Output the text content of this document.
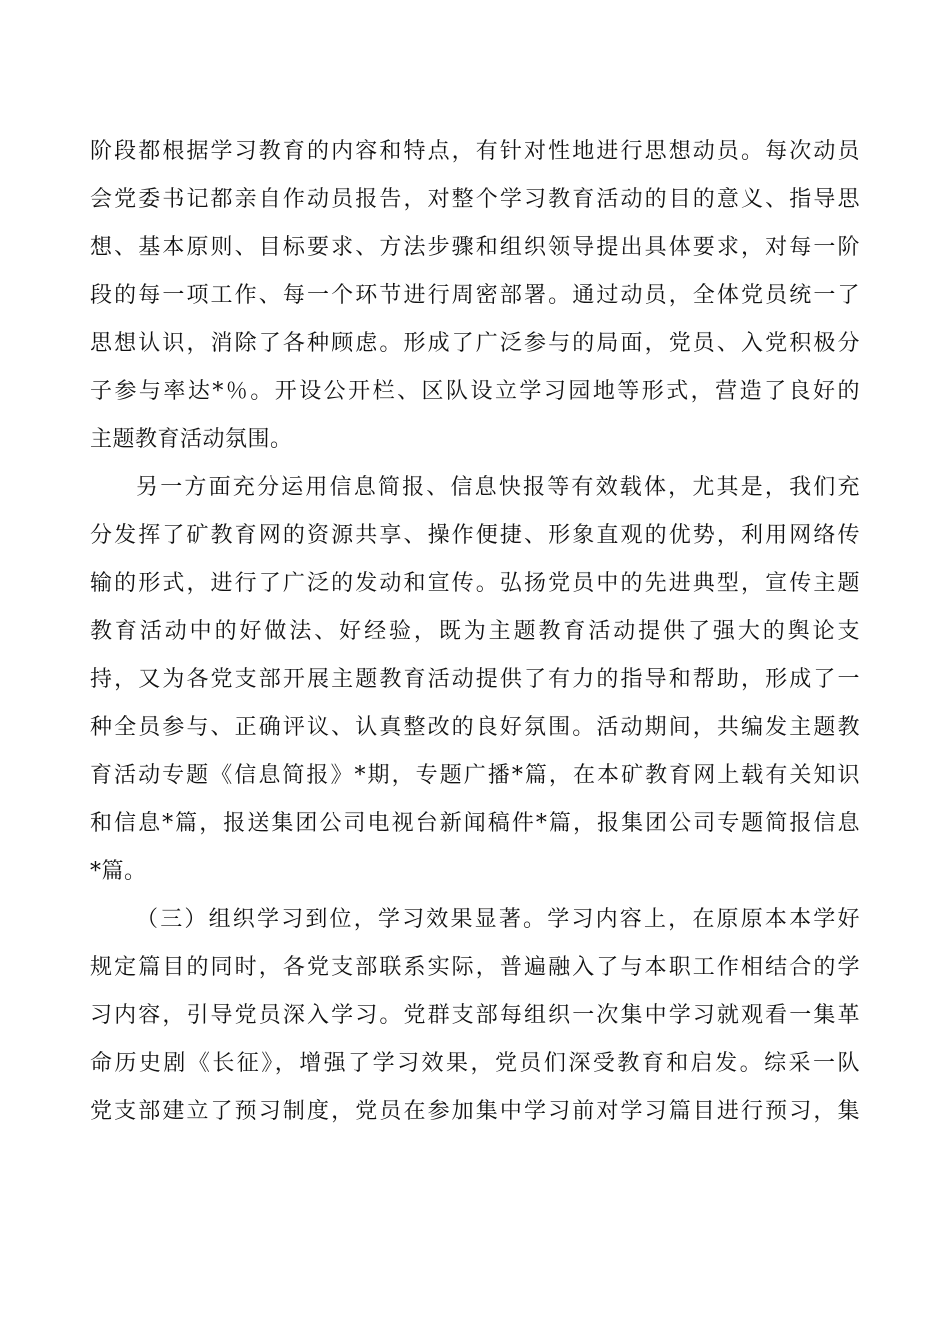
阶段都根据学习教育的内容和特点，有针对性地进行思想动员。每次动员
会党委书记都亲自作动员报告，对整个学习教育活动的目的意义、指导思
想、基本原则、目标要求、方法步骤和组织领导提出具体要求，对每一阶
段的每一项工作、每一个环节进行周密部署。通过动员，全体党员统一了
思想认识，消除了各种顾虑。形成了广泛参与的局面，党员、入党积极分
子参与率达*％。开设公开栏、区队设立学习园地等形式，营造了良好的
主题教育活动氛围。
另一方面充分运用信息简报、信息快报等有效载体，尤其是，我们充
分发挥了矿教育网的资源共享、操作便捷、形象直观的优势，利用网络传
输的形式，进行了广泛的发动和宣传。弘扬党员中的先进典型，宣传主题
教育活动中的好做法、好经验，既为主题教育活动提供了强大的舆论支
持，又为各党支部开展主题教育活动提供了有力的指导和帮助，形成了一
种全员参与、正确评议、认真整改的良好氛围。活动期间，共编发主题教
育活动专题《信息简报》*期，专题广播*篇，在本矿教育网上载有关知识
和信息*篇，报送集团公司电视台新闻稿件*篇，报集团公司专题简报信息
*篇。
（三）组织学习到位，学习效果显著。学习内容上，在原原本本学好
规定篇目的同时，各党支部联系实际，普遍融入了与本职工作相结合的学
习内容，引导党员深入学习。党群支部每组织一次集中学习就观看一集革
命历史剧《长征》，增强了学习效果，党员们深受教育和启发。综采一队
党支部建立了预习制度，党员在参加集中学习前对学习篇目进行预习，集
